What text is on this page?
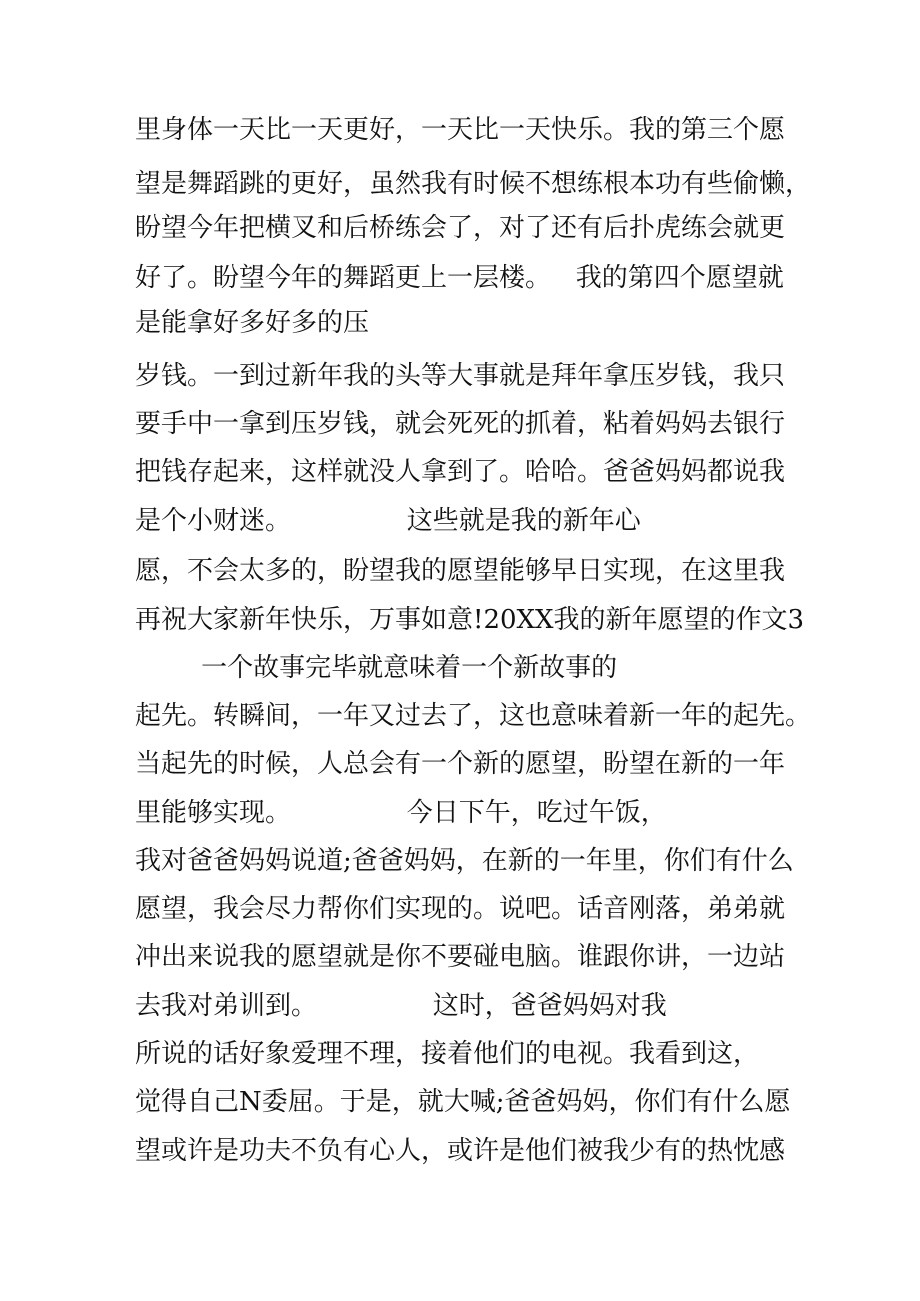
里身体一天比一天更好，一天比一天快乐。我的第三个愿

望是舞蹈跳的更好，虽然我有时候不想练根本功有些偷懒，

盼望今年把横叉和后桥练会了，对了还有后扑虎练会就更

好了。盼望今年的舞蹈更上一层楼。   我的第四个愿望就

是能拿好多好多的压

岁钱。一到过新年我的头等大事就是拜年拿压岁钱，我只

要手中一拿到压岁钱，就会死死的抓着，粘着妈妈去银行

把钱存起来，这样就没人拿到了。哈哈。爸爸妈妈都说我

是个小财迷。              这些就是我的新年心

愿，不会太多的，盼望我的愿望能够早日实现，在这里我

再祝大家新年快乐，万事如意!20XX我的新年愿望的作文3

一个故事完毕就意味着一个新故事的

起先。转瞬间，一年又过去了，这也意味着新一年的起先。

当起先的时候，人总会有一个新的愿望，盼望在新的一年

里能够实现。              今日下午，吃过午饭，

我对爸爸妈妈说道;爸爸妈妈，在新的一年里，你们有什么

愿望，我会尽力帮你们实现的。说吧。话音刚落，弟弟就

冲出来说我的愿望就是你不要碰电脑。谁跟你讲，一边站

去我对弟训到。              这时，爸爸妈妈对我

所说的话好象爱理不理，接着他们的电视。我看到这，

觉得自己N委屈。于是，就大喊;爸爸妈妈，你们有什么愿

望或许是功夫不负有心人，或许是他们被我少有的热忱感
